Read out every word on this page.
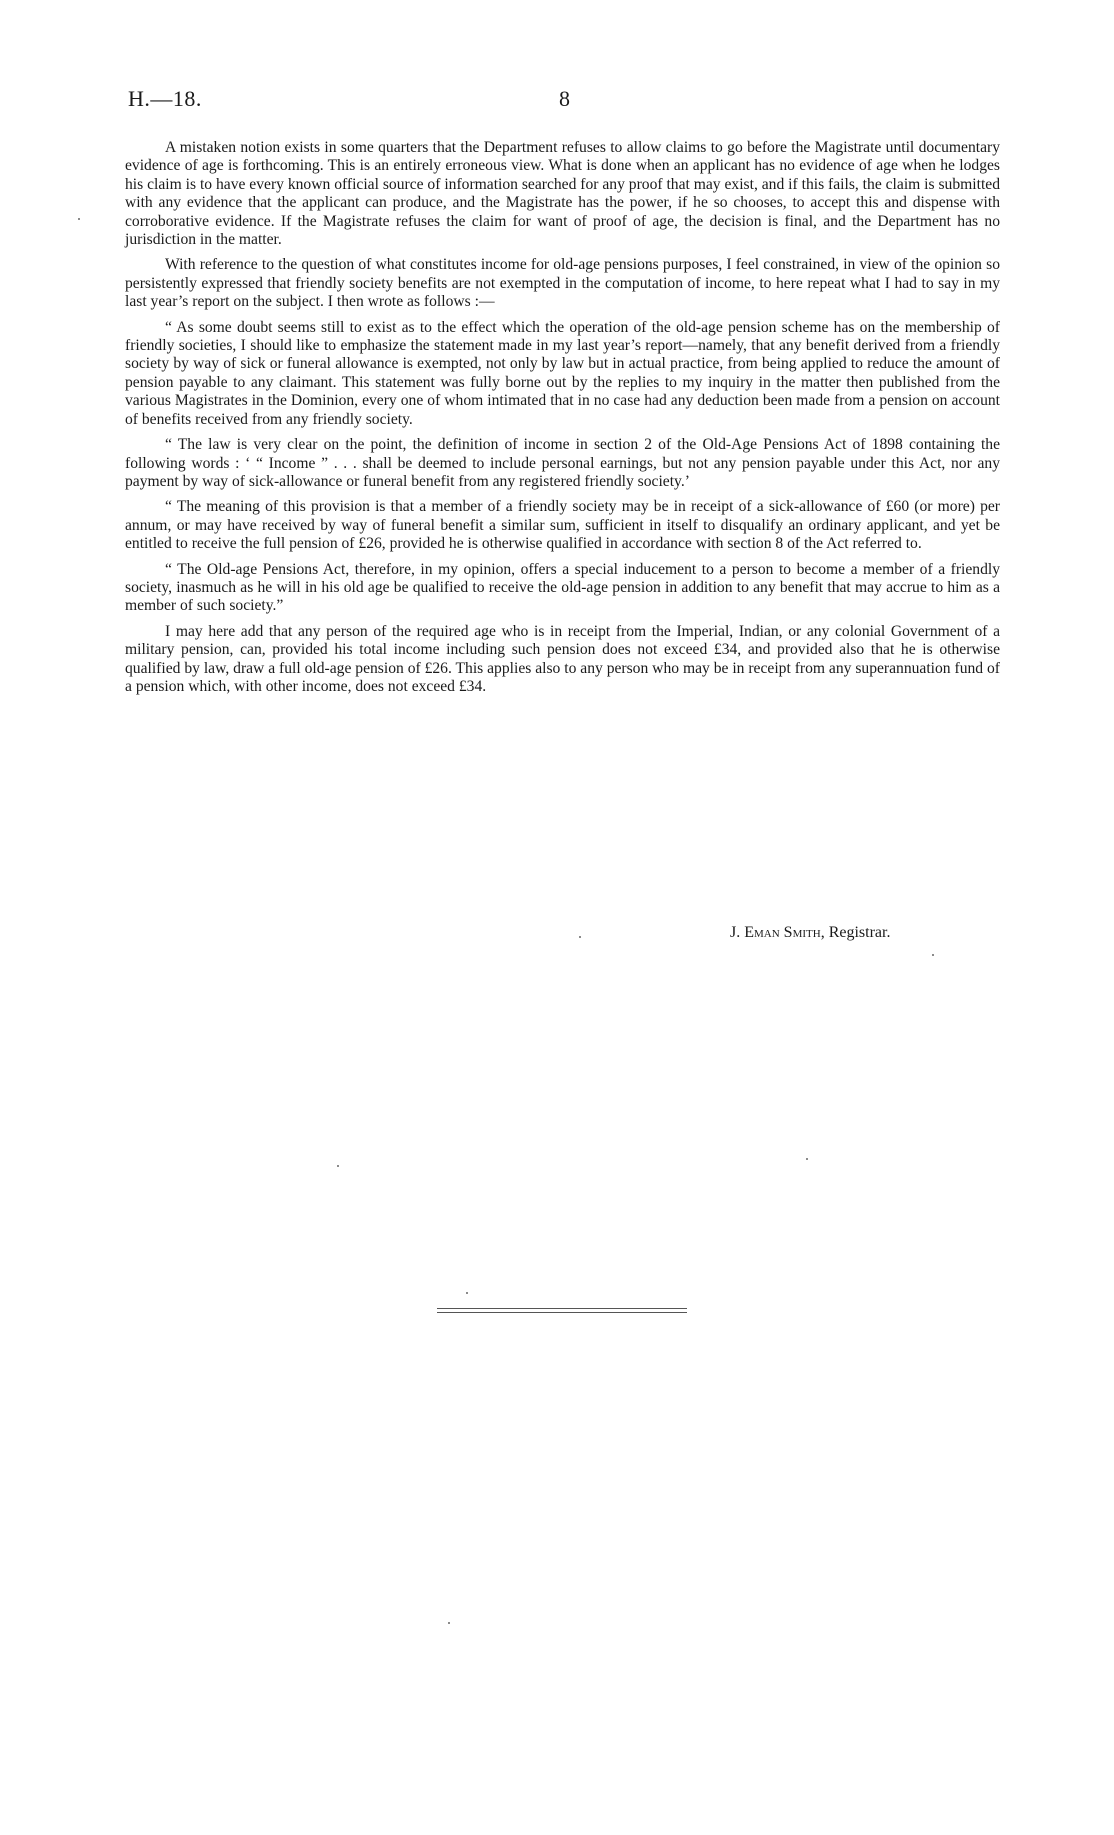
H.—18.	8

A mistaken notion exists in some quarters that the Department refuses to allow claims to go before the Magistrate until documentary evidence of age is forthcoming. This is an entirely erroneous view. What is done when an applicant has no evidence of age when he lodges his claim is to have every known official source of information searched for any proof that may exist, and if this fails, the claim is submitted with any evidence that the applicant can produce, and the Magistrate has the power, if he so chooses, to accept this and dispense with corroborative evidence. If the Magistrate refuses the claim for want of proof of age, the decision is final, and the Department has no jurisdiction in the matter.

With reference to the question of what constitutes income for old-age pensions purposes, I feel constrained, in view of the opinion so persistently expressed that friendly society benefits are not exempted in the computation of income, to here repeat what I had to say in my last year’s report on the subject. I then wrote as follows :—

“ As some doubt seems still to exist as to the effect which the operation of the old-age pension scheme has on the membership of friendly societies, I should like to emphasize the statement made in my last year’s report—namely, that any benefit derived from a friendly society by way of sick or funeral allowance is exempted, not only by law but in actual practice, from being applied to reduce the amount of pension payable to any claimant. This statement was fully borne out by the replies to my inquiry in the matter then published from the various Magistrates in the Dominion, every one of whom intimated that in no case had any deduction been made from a pension on account of benefits received from any friendly society.

“ The law is very clear on the point, the definition of income in section 2 of the Old-Age Pensions Act of 1898 containing the following words : ‘ “ Income ” . . . shall be deemed to include personal earnings, but not any pension payable under this Act, nor any payment by way of sick-allowance or funeral benefit from any registered friendly society.’

“ The meaning of this provision is that a member of a friendly society may be in receipt of a sick-allowance of £60 (or more) per annum, or may have received by way of funeral benefit a similar sum, sufficient in itself to disqualify an ordinary applicant, and yet be entitled to receive the full pension of £26, provided he is otherwise qualified in accordance with section 8 of the Act referred to.

“ The Old-age Pensions Act, therefore, in my opinion, offers a special inducement to a person to become a member of a friendly society, inasmuch as he will in his old age be qualified to receive the old-age pension in addition to any benefit that may accrue to him as a member of such society.”

I may here add that any person of the required age who is in receipt from the Imperial, Indian, or any colonial Government of a military pension, can, provided his total income including such pension does not exceed £34, and provided also that he is otherwise qualified by law, draw a full old-age pension of £26. This applies also to any person who may be in receipt from any superannuation fund of a pension which, with other income, does not exceed £34.

J. Eman Smith, Registrar.
